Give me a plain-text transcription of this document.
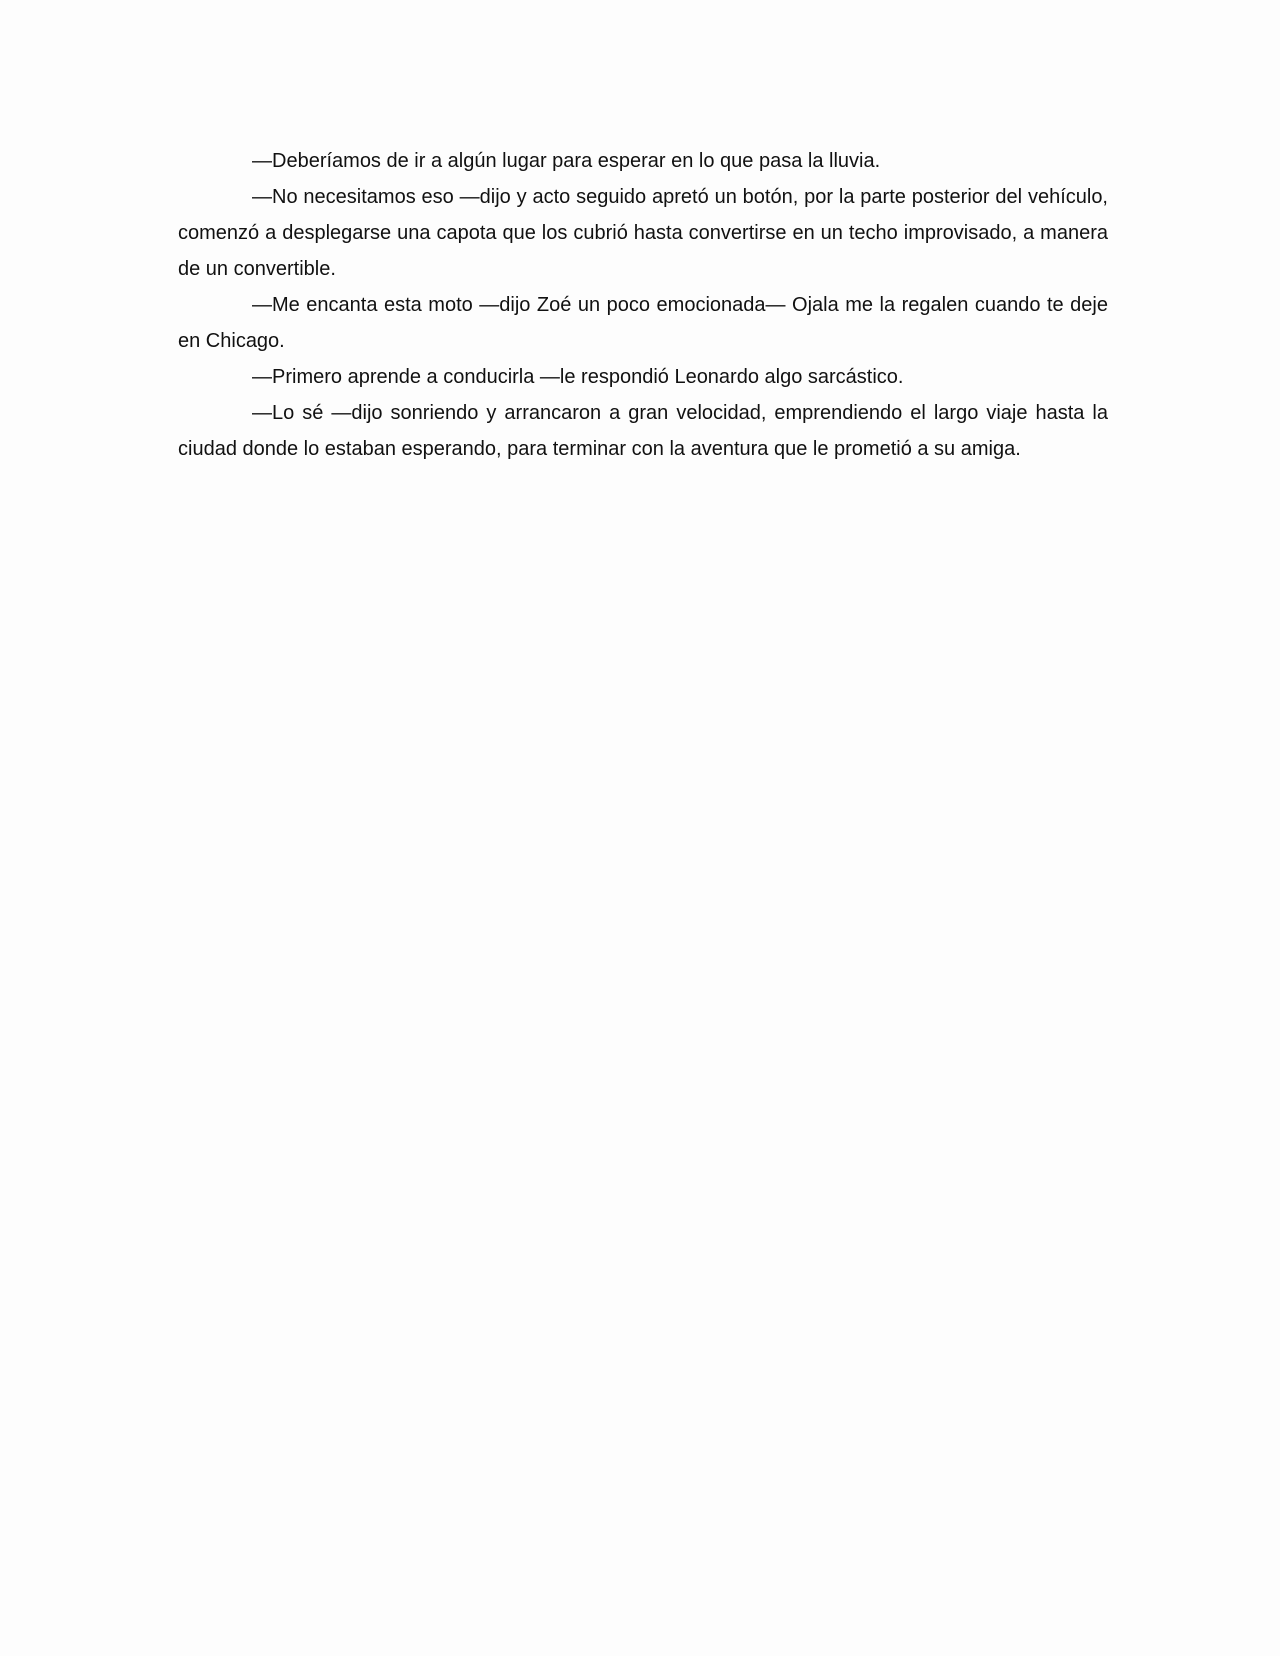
—Deberíamos de ir a algún lugar para esperar en lo que pasa la lluvia.

—No necesitamos eso —dijo y acto seguido apretó un botón, por la parte posterior del vehículo, comenzó a desplegarse una capota que los cubrió hasta convertirse en un techo improvisado, a manera de un convertible.

—Me encanta esta moto —dijo Zoé un poco emocionada— Ojala me la regalen cuando te deje en Chicago.

—Primero aprende a conducirla —le respondió Leonardo algo sarcástico.

—Lo sé —dijo sonriendo y arrancaron a gran velocidad, emprendiendo el largo viaje hasta la ciudad donde lo estaban esperando, para terminar con la aventura que le prometió a su amiga.
